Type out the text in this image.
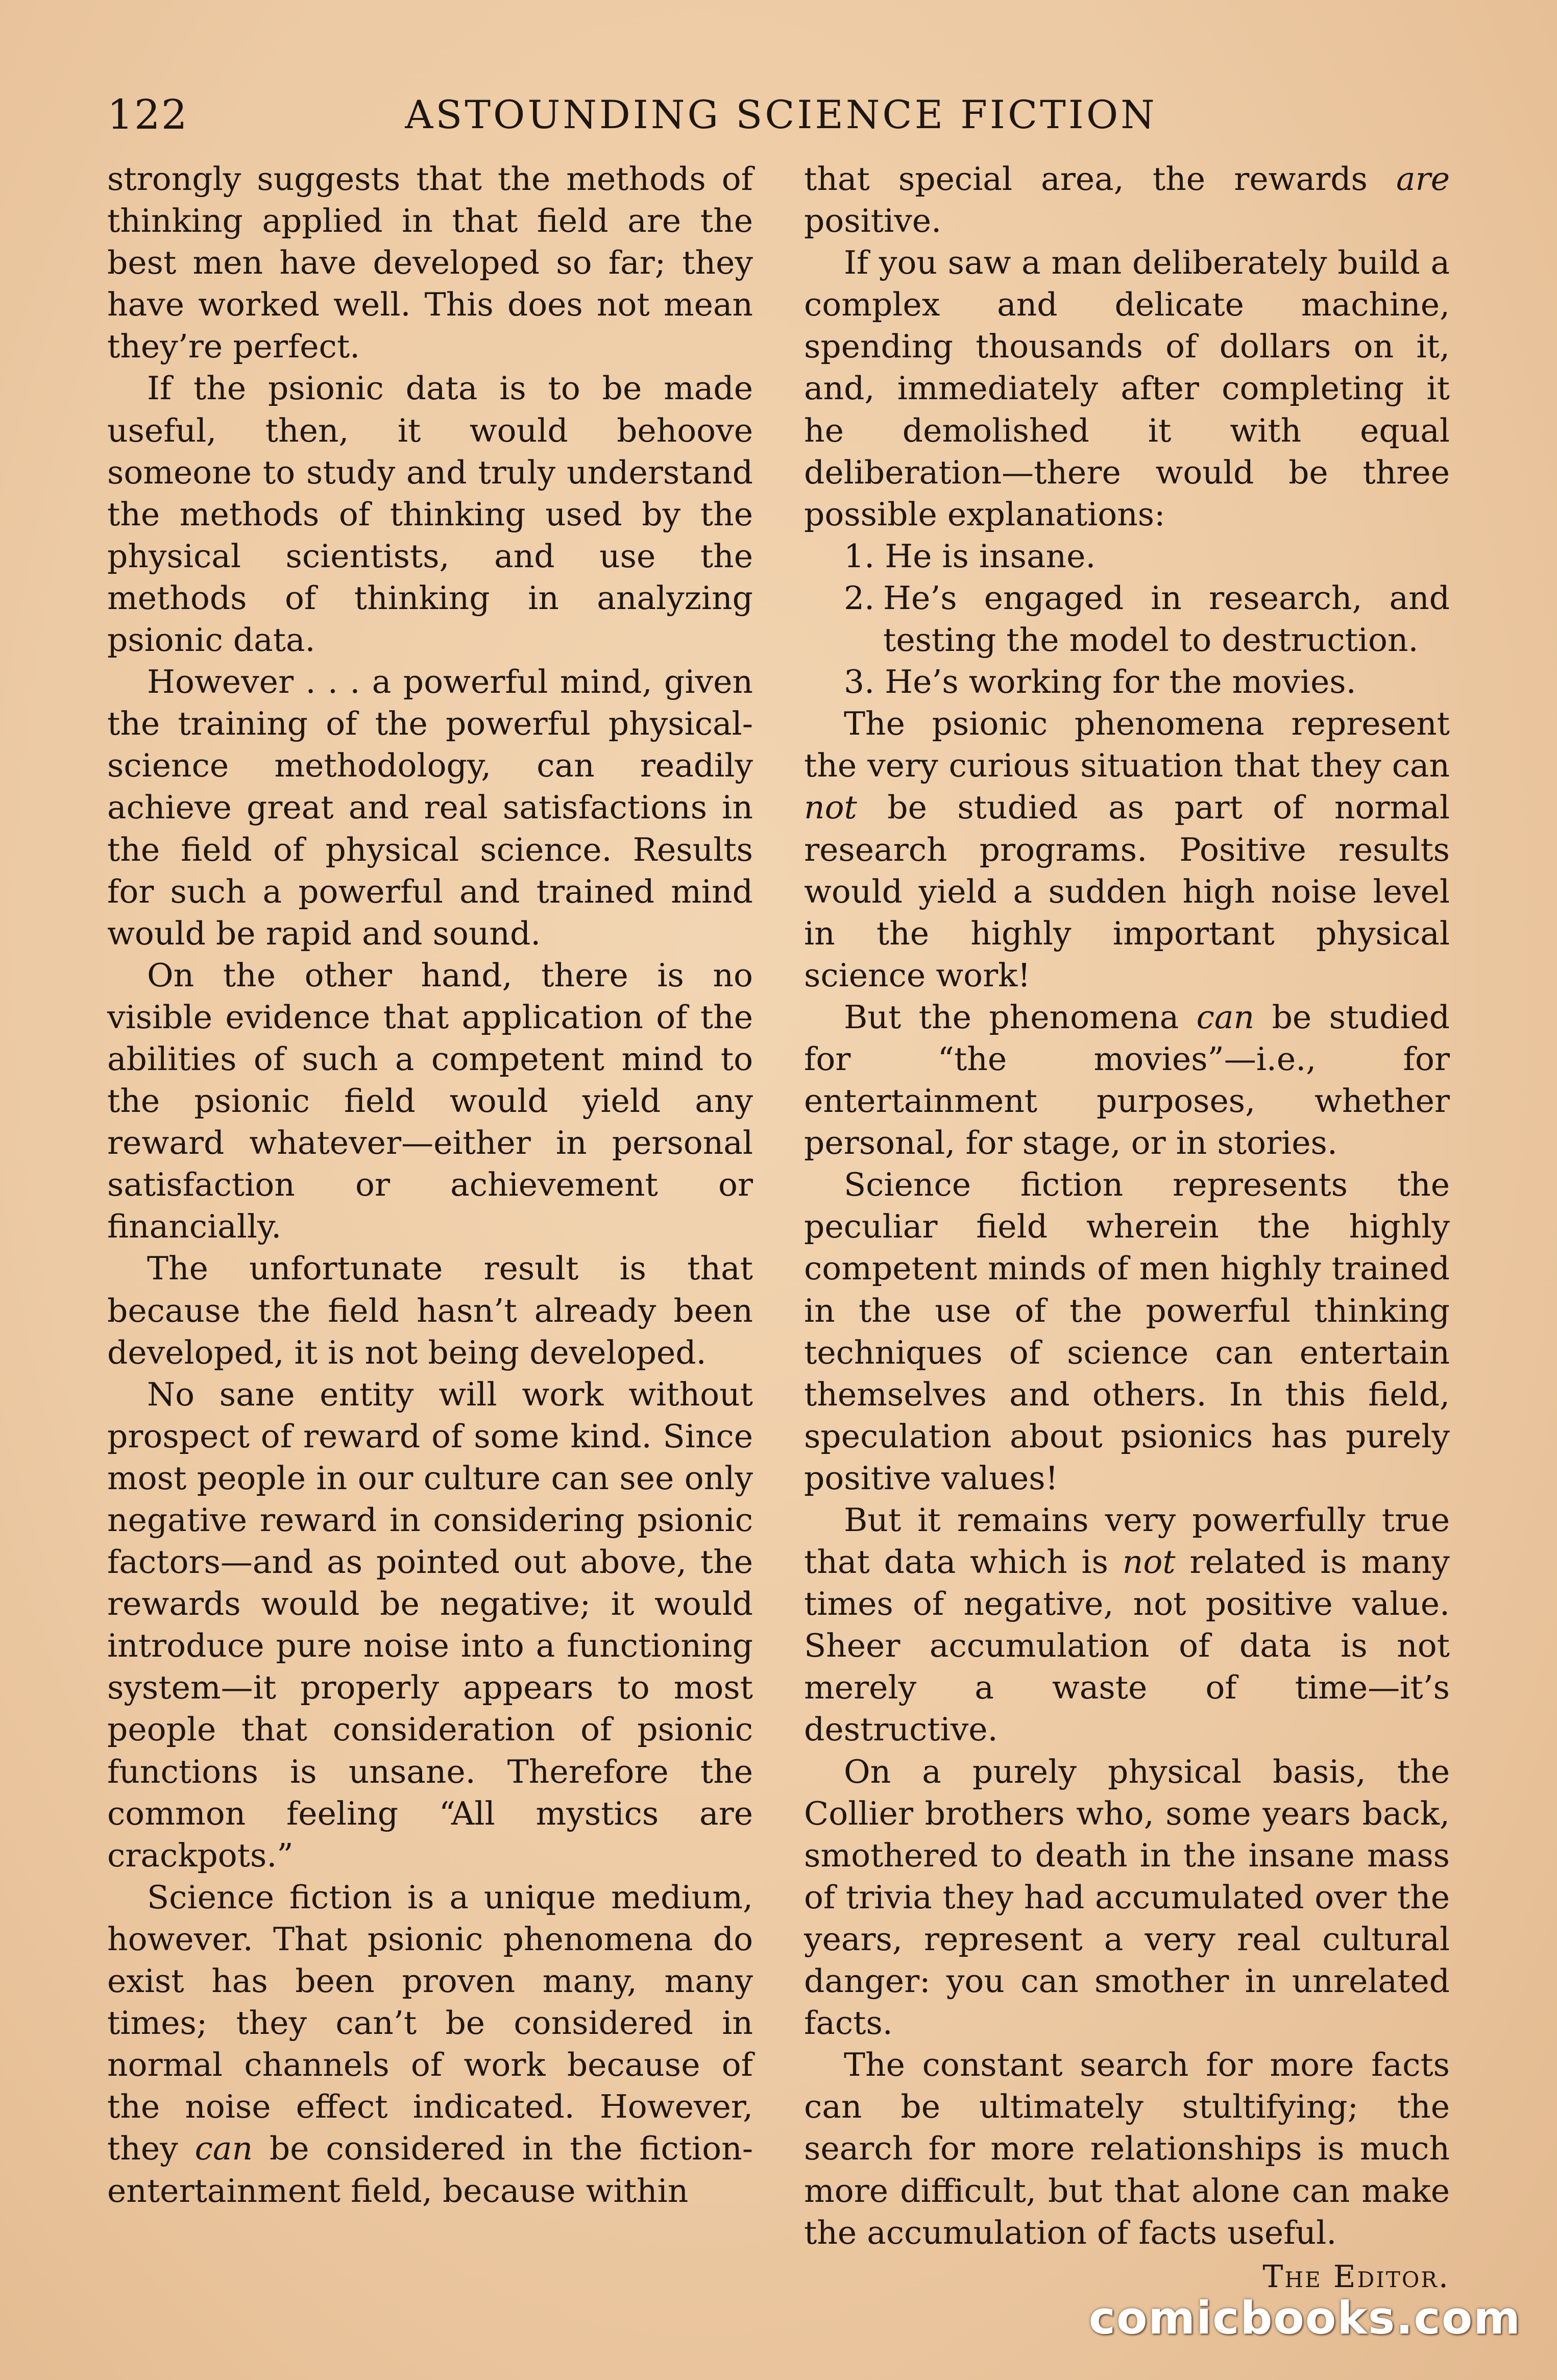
122	ASTOUNDING SCIENCE FICTION

strongly suggests that the methods of thinking applied in that field are the best men have developed so far; they have worked well. This does not mean they’re perfect.

If the psionic data is to be made useful, then, it would behoove someone to study and truly understand the methods of thinking used by the physical scientists, and use the methods of thinking in analyzing psionic data.

However . . . a powerful mind, given the training of the powerful physical-science methodology, can readily achieve great and real satisfactions in the field of physical science. Results for such a powerful and trained mind would be rapid and sound.

On the other hand, there is no visible evidence that application of the abilities of such a competent mind to the psionic field would yield any reward whatever—either in personal satisfaction or achievement or financially.

The unfortunate result is that because the field hasn’t already been developed, it is not being developed.

No sane entity will work without prospect of reward of some kind. Since most people in our culture can see only negative reward in considering psionic factors—and as pointed out above, the rewards would be negative; it would introduce pure noise into a functioning system—it properly appears to most people that consideration of psionic functions is unsane. Therefore the common feeling “All mystics are crackpots.”

Science fiction is a unique medium, however. That psionic phenomena do exist has been proven many, many times; they can’t be considered in normal channels of work because of the noise effect indicated. However, they can be considered in the fiction-entertainment field, because within

that special area, the rewards are positive.

If you saw a man deliberately build a complex and delicate machine, spending thousands of dollars on it, and, immediately after completing it he demolished it with equal deliberation—there would be three possible explanations:

1. He is insane.

2. He’s engaged in research, and testing the model to destruction.

3. He’s working for the movies.

The psionic phenomena represent the very curious situation that they can not be studied as part of normal research programs. Positive results would yield a sudden high noise level in the highly important physical science work!

But the phenomena can be studied for “the movies”—i.e., for entertainment purposes, whether personal, for stage, or in stories.

Science fiction represents the peculiar field wherein the highly competent minds of men highly trained in the use of the powerful thinking techniques of science can entertain themselves and others. In this field, speculation about psionics has purely positive values!

But it remains very powerfully true that data which is not related is many times of negative, not positive value. Sheer accumulation of data is not merely a waste of time—it’s destructive.

On a purely physical basis, the Collier brothers who, some years back, smothered to death in the insane mass of trivia they had accumulated over the years, represent a very real cultural danger: you can smother in unrelated facts.

The constant search for more facts can be ultimately stultifying; the search for more relationships is much more difficult, but that alone can make the accumulation of facts useful.

The Editor.
comicbooks.com
